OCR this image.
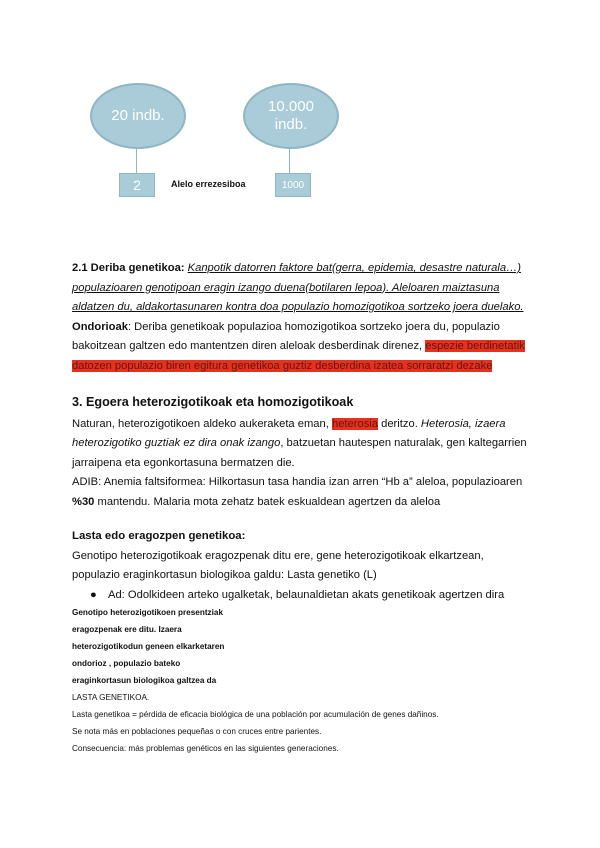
20 indb.
10.000 indb.
2	1000
Alelo errezesiboa
2.1 Deriba genetikoa: Kanpotik datorren faktore bat(gerra, epidemia, desastre naturala…)
populazioaren genotipoan eragin izango duena(botilaren lepoa). Aleloaren maiztasuna
aldatzen du, aldakortasunaren kontra doa populazio homozigotikoa sortzeko joera duelako.
Ondorioak: Deriba genetikoak populazioa homozigotikoa sortzeko joera du, populazio
bakoitzean galtzen edo mantentzen diren aleloak desberdinak direnez, espezie berdinetatik
datozen populazio biren egitura genetikoa guztiz desberdina izatea sorraratzi dezake
3. Egoera heterozigotikoak eta homozigotikoak
Naturan, heterozigotikoen aldeko aukeraketa eman, heterosia deritzo. Heterosia, izaera
heterozigotiko guztiak ez dira onak izango, batzuetan hautespen naturalak, gen kaltegarrien
jarraipena eta egonkortasuna bermatzen die.
ADIB: Anemia faltsiformea: Hilkortasun tasa handia izan arren “Hb a” aleloa, populazioaren
%30 mantendu. Malaria mota zehatz batek eskualdean agertzen da aleloa
Lasta edo eragozpen genetikoa:
Genotipo heterozigotikoak eragozpenak ditu ere, gene heterozigotikoak elkartzean,
populazio eraginkortasun biologikoa galdu: Lasta genetiko (L)
●	Ad: Odolkideen arteko ugalketak, belaunaldietan akats genetikoak agertzen dira
Genotipo heterozigotikoen presentziak
eragozpenak ere ditu. Izaera
heterozigotikodun geneen elkarketaren
ondorioz , populazio bateko
eraginkortasun biologikoa galtzea da
LASTA GENETIKOA.
Lasta genetikoa = pérdida de eficacia biológica de una población por acumulación de genes dañinos.
Se nota más en poblaciones pequeñas o con cruces entre parientes.
Consecuencia: más problemas genéticos en las siguientes generaciones.
